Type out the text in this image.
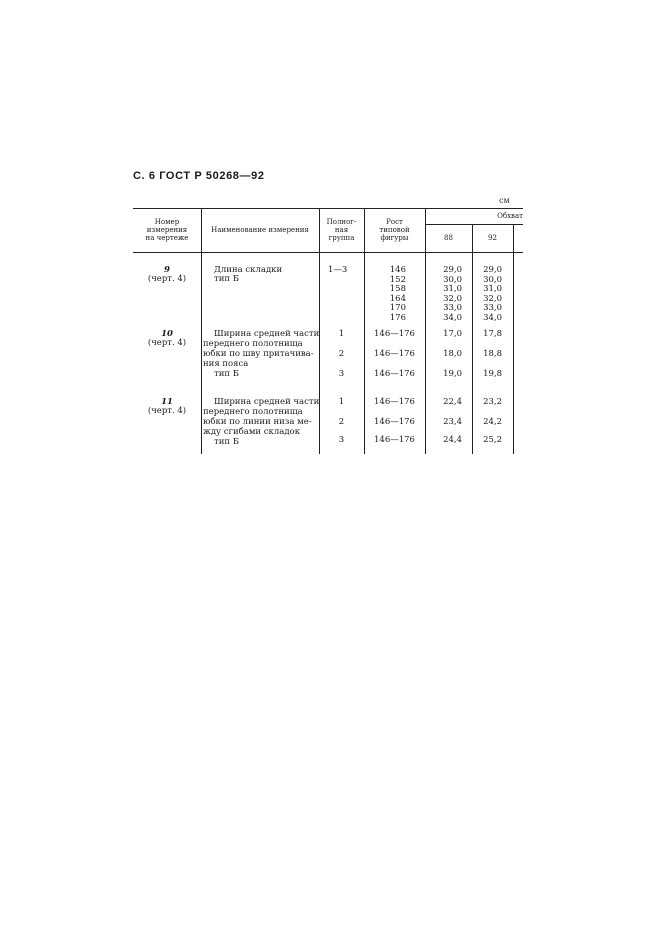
С. 6 ГОСТ Р 50268—92
см
Номер
измерения
на чертеже
Наименование измерения
Полног-
ная
группа
Рост
типовой
фигуры
Обхват
88	92
9
(черт. 4)
Длина складки
тип Б
1—3	146
152
158
164
170
176
29,0
30,0
31,0
32,0
33,0
34,0
29,0
30,0
31,0
32,0
33,0
34,0
10
(черт. 4)
Ширина средней части
переднего полотнища
юбки по шву притачива-
ния пояса
тип Б
1
2
3
146—176
146—176
146—176
17,0
18,0
19,0
17,8
18,8
19,8
11
(черт. 4)
Ширина средней части
переднего полотнища
юбки по линии низа ме-
жду сгибами складок
тип Б
1
2
3
146—176
146—176
146—176
22,4
23,4
24,4
23,2
24,2
25,2
